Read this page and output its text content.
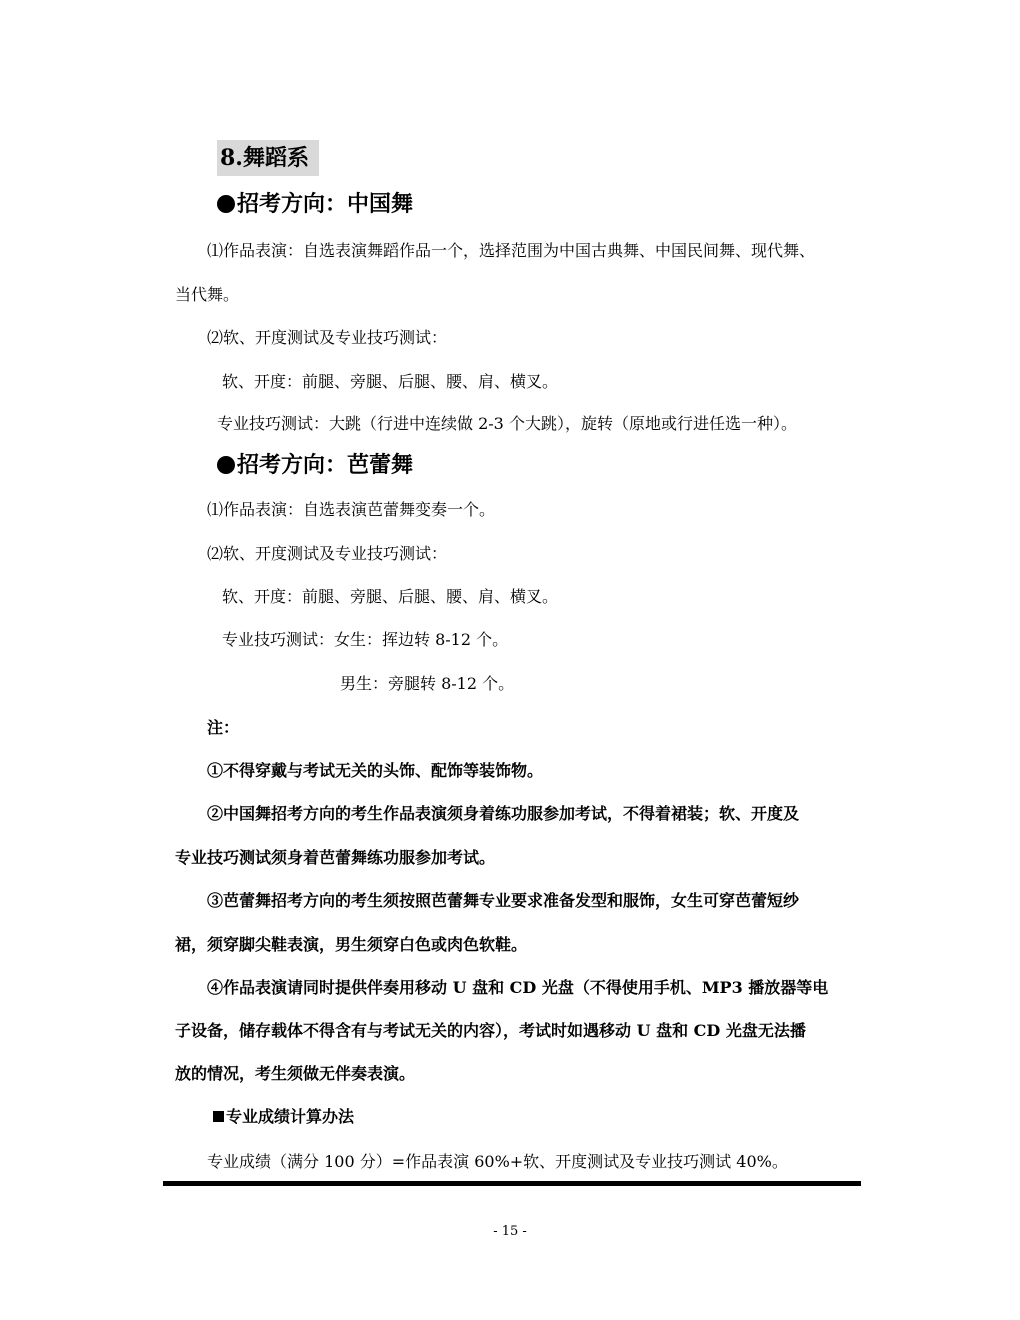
8.舞蹈系
招考方向：中国舞
⑴作品表演：自选表演舞蹈作品一个，选择范围为中国古典舞、中国民间舞、现代舞、
当代舞。
⑵软、开度测试及专业技巧测试：
软、开度：前腿、旁腿、后腿、腰、肩、横叉。
专业技巧测试：大跳（行进中连续做 2-3 个大跳），旋转（原地或行进任选一种）。
招考方向：芭蕾舞
⑴作品表演：自选表演芭蕾舞变奏一个。
⑵软、开度测试及专业技巧测试：
软、开度：前腿、旁腿、后腿、腰、肩、横叉。
专业技巧测试：女生：挥边转 8-12 个。
男生：旁腿转 8-12 个。
注：
①不得穿戴与考试无关的头饰、配饰等装饰物。
②中国舞招考方向的考生作品表演须身着练功服参加考试，不得着裙装；软、开度及
专业技巧测试须身着芭蕾舞练功服参加考试。
③芭蕾舞招考方向的考生须按照芭蕾舞专业要求准备发型和服饰，女生可穿芭蕾短纱
裙，须穿脚尖鞋表演，男生须穿白色或肉色软鞋。
④作品表演请同时提供伴奏用移动 U 盘和 CD 光盘（不得使用手机、MP3 播放器等电
子设备，储存载体不得含有与考试无关的内容），考试时如遇移动 U 盘和 CD 光盘无法播
放的情况，考生须做无伴奏表演。
专业成绩计算办法
专业成绩（满分 100 分）=作品表演 60%+软、开度测试及专业技巧测试 40%。
- 15 -
